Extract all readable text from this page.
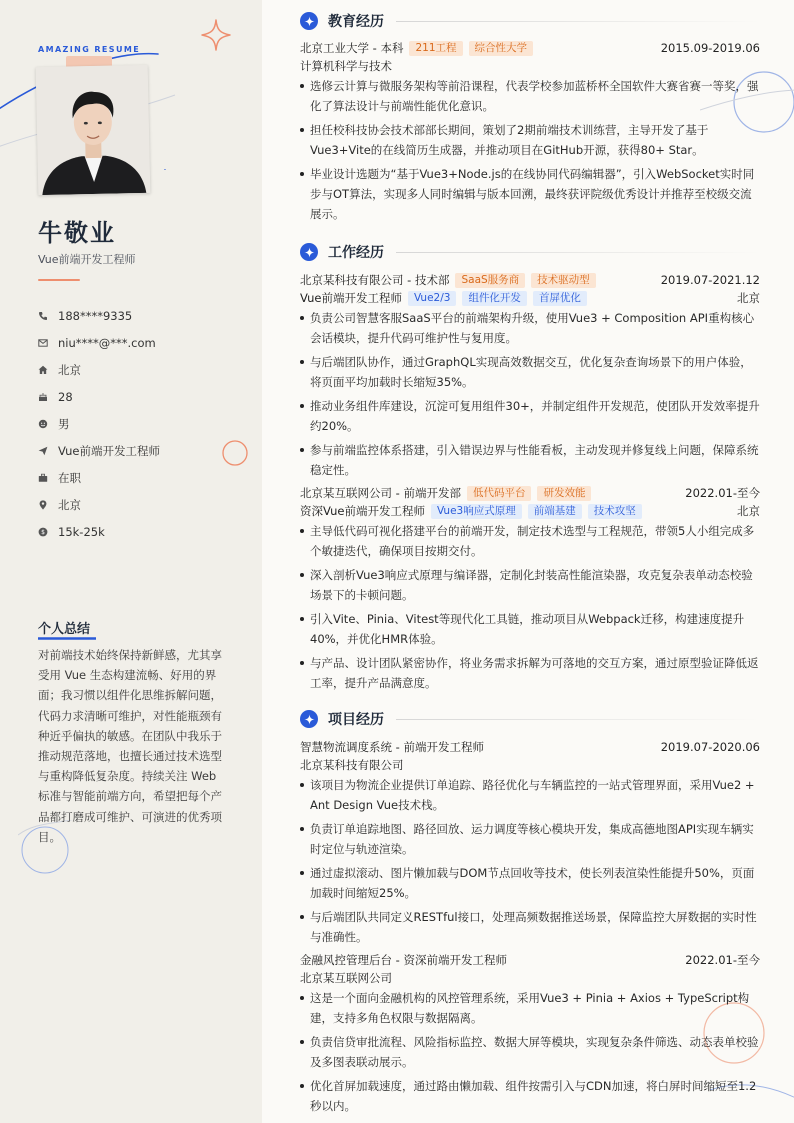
AMAZING RESUME
牛敬业
Vue前端开发工程师
188****9335
niu****@***.com
北京
28
男
Vue前端开发工程师
在职
北京
$ 15k-25k
个人总结

对前端技术始终保持新鲜感，尤其享受用 Vue 生态构建流畅、好用的界面；我习惯以组件化思维拆解问题，代码力求清晰可维护，对性能瓶颈有种近乎偏执的敏感。在团队中我乐于推动规范落地，也擅长通过技术选型与重构降低复杂度。持续关注 Web 标准与智能前端方向，希望把每个产品都打磨成可维护、可演进的优秀项目。

教育经历
北京工业大学 - 本科	211工程	综合性大学	2015.09-2019.06
计算机科学与技术
选修云计算与微服务架构等前沿课程，代表学校参加蓝桥杯全国软件大赛省赛一等奖，强化了算法设计与前端性能优化意识。
担任校科技协会技术部部长期间，策划了2期前端技术训练营，主导开发了基于Vue3+Vite的在线简历生成器，并推动项目在GitHub开源，获得80+ Star。
毕业设计选题为“基于Vue3+Node.js的在线协同代码编辑器”，引入WebSocket实时同步与OT算法，实现多人同时编辑与版本回溯，最终获评院级优秀设计并推荐至校级交流展示。
工作经历
北京某科技有限公司 - 技术部	SaaS服务商	技术驱动型	2019.07-2021.12
Vue前端开发工程师	Vue2/3	组件化开发	首屏优化	北京
负责公司智慧客服SaaS平台的前端架构升级，使用Vue3 + Composition API重构核心会话模块，提升代码可维护性与复用度。
与后端团队协作，通过GraphQL实现高效数据交互，优化复杂查询场景下的用户体验，将页面平均加载时长缩短35%。
推动业务组件库建设，沉淀可复用组件30+，并制定组件开发规范，使团队开发效率提升约20%。
参与前端监控体系搭建，引入错误边界与性能看板，主动发现并修复线上问题，保障系统稳定性。
北京某互联网公司 - 前端开发部	低代码平台	研发效能	2022.01-至今
资深Vue前端开发工程师	Vue3响应式原理	前端基建	技术攻坚	北京
主导低代码可视化搭建平台的前端开发，制定技术选型与工程规范，带领5人小组完成多个敏捷迭代，确保项目按期交付。
深入剖析Vue3响应式原理与编译器，定制化封装高性能渲染器，攻克复杂表单动态校验场景下的卡顿问题。
引入Vite、Pinia、Vitest等现代化工具链，推动项目从Webpack迁移，构建速度提升40%，并优化HMR体验。
与产品、设计团队紧密协作，将业务需求拆解为可落地的交互方案，通过原型验证降低返工率，提升产品满意度。
项目经历
智慧物流调度系统 - 前端开发工程师	2019.07-2020.06
北京某科技有限公司
该项目为物流企业提供订单追踪、路径优化与车辆监控的一站式管理界面，采用Vue2 + Ant Design Vue技术栈。
负责订单追踪地图、路径回放、运力调度等核心模块开发，集成高德地图API实现车辆实时定位与轨迹渲染。
通过虚拟滚动、图片懒加载与DOM节点回收等技术，使长列表渲染性能提升50%，页面加载时间缩短25%。
与后端团队共同定义RESTful接口，处理高频数据推送场景，保障监控大屏数据的实时性与准确性。
金融风控管理后台 - 资深前端开发工程师	2022.01-至今
北京某互联网公司
这是一个面向金融机构的风控管理系统，采用Vue3 + Pinia + Axios + TypeScript构建，支持多角色权限与数据隔离。
负责信贷审批流程、风险指标监控、数据大屏等模块，实现复杂条件筛选、动态表单校验及多图表联动展示。
优化首屏加载速度，通过路由懒加载、组件按需引入与CDN加速，将白屏时间缩短至1.2秒以内。
